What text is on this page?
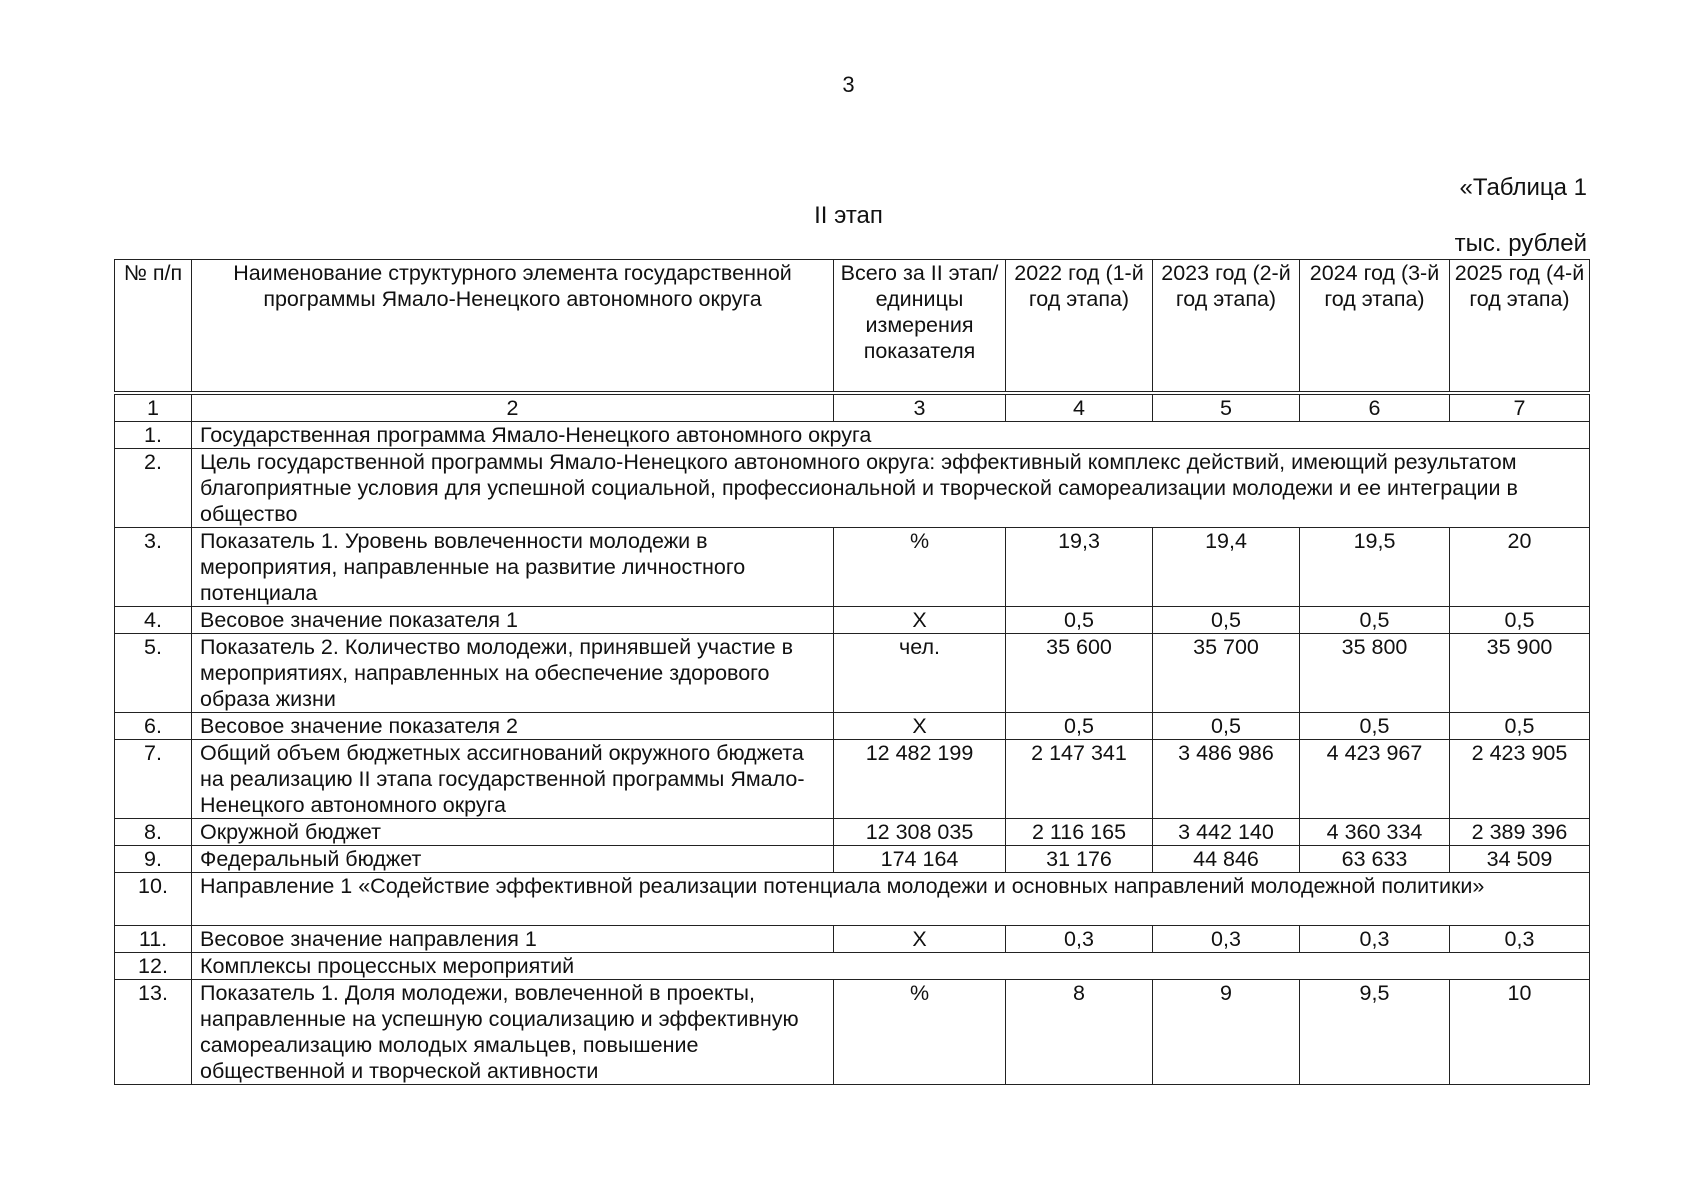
3
«Таблица 1
II этап
тыс. рублей
№ п/п	Наименование структурного элемента государственной программы Ямало-Ненецкого автономного округа	Всего за II этап/ единицы измерения показателя	2022 год (1-й год этапа)	2023 год (2-й год этапа)	2024 год (3-й год этапа)	2025 год (4-й год этапа)
1	2	3	4	5	6	7
1.	Государственная программа Ямало-Ненецкого автономного округа					
2.	Цель государственной программы Ямало-Ненецкого автономного округа: эффективный комплекс действий, имеющий результатом благоприятные условия для успешной социальной, профессиональной и творческой самореализации молодежи и ее интеграции в общество					
3.	Показатель 1. Уровень вовлеченности молодежи в мероприятия, направленные на развитие личностного потенциала	%	19,3	19,4	19,5	20
4.	Весовое значение показателя 1	Х	0,5	0,5	0,5	0,5
5.	Показатель 2. Количество молодежи, принявшей участие в мероприятиях, направленных на обеспечение здорового образа жизни	чел.	35 600	35 700	35 800	35 900
6.	Весовое значение показателя 2	Х	0,5	0,5	0,5	0,5
7.	Общий объем бюджетных ассигнований окружного бюджета на реализацию II этапа государственной программы Ямало-Ненецкого автономного округа	12 482 199	2 147 341	3 486 986	4 423 967	2 423 905
8.	Окружной бюджет	12 308 035	2 116 165	3 442 140	4 360 334	2 389 396
9.	Федеральный бюджет	174 164	31 176	44 846	63 633	34 509
10.	Направление 1 «Содействие эффективной реализации потенциала молодежи и основных направлений молодежной политики»					
11.	Весовое значение направления 1	Х	0,3	0,3	0,3	0,3
12.	Комплексы процессных мероприятий					
13.	Показатель 1. Доля молодежи, вовлеченной в проекты, направленные на успешную социализацию и эффективную самореализацию молодых ямальцев, повышение общественной и творческой активности	%	8	9	9,5	10
